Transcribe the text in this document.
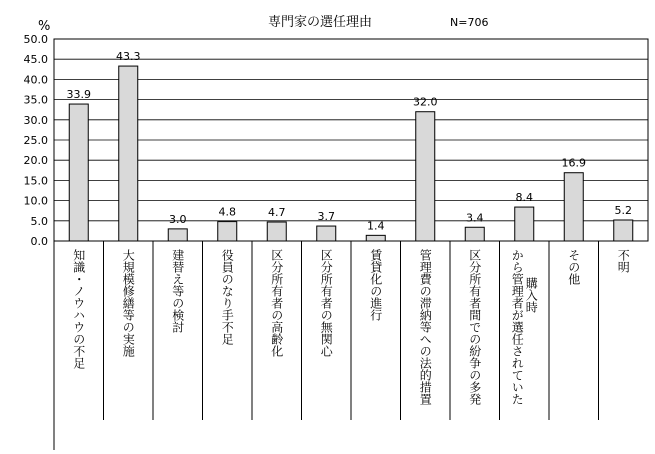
専門家の選任理由	N=706
%
0.0
5.0
10.0
15.0
20.0
25.0
30.0
35.0
40.0
45.0
50.0
33.9
知識・ノウハウの不足
43.3
大規模修繕等の実施
3.0
建替え等の検討
4.8
役員のなり手不足
4.7
区分所有者の高齢化
3.7
区分所有者の無関心
1.4
賃貸化の進行
32.0
管理費の滞納等への法的措置
3.4
区分所有者間での紛争の多発
8.4
購入時
から管理者が選任されていた
16.9
その他
5.2
不明
